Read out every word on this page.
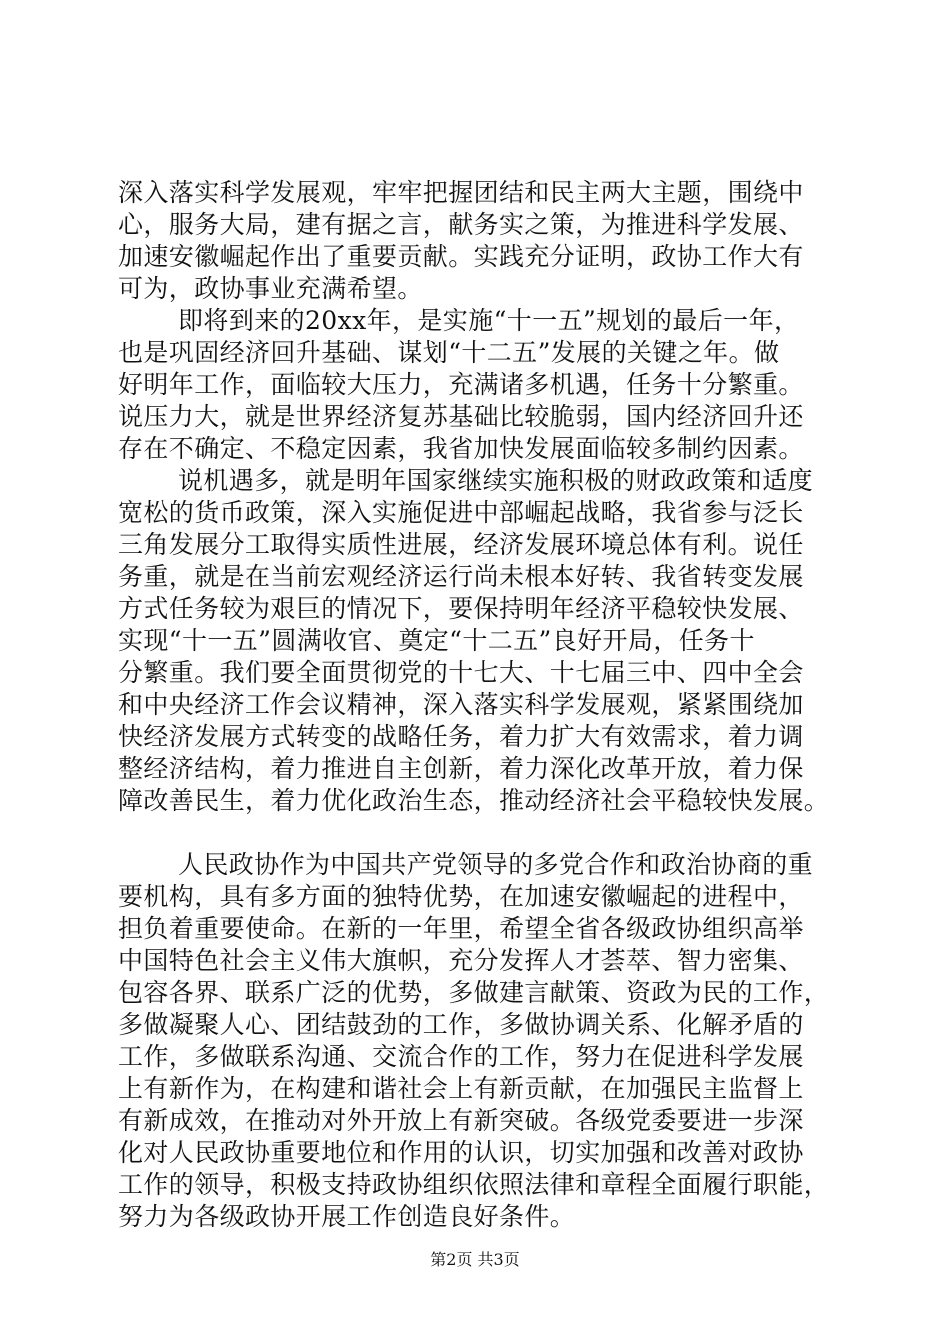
深入落实科学发展观，牢牢把握团结和民主两大主题，围绕中
心，服务大局，建有据之言，献务实之策，为推进科学发展、
加速安徽崛起作出了重要贡献。实践充分证明，政协工作大有
可为，政协事业充满希望。
即将到来的20xx年，是实施“十一五”规划的最后一年，
也是巩固经济回升基础、谋划“十二五”发展的关键之年。做
好明年工作，面临较大压力，充满诸多机遇，任务十分繁重。
说压力大，就是世界经济复苏基础比较脆弱，国内经济回升还
存在不确定、不稳定因素，我省加快发展面临较多制约因素。
说机遇多，就是明年国家继续实施积极的财政政策和适度
宽松的货币政策，深入实施促进中部崛起战略，我省参与泛长
三角发展分工取得实质性进展，经济发展环境总体有利。说任
务重，就是在当前宏观经济运行尚未根本好转、我省转变发展
方式任务较为艰巨的情况下，要保持明年经济平稳较快发展、
实现“十一五”圆满收官、奠定“十二五”良好开局，任务十
分繁重。我们要全面贯彻党的十七大、十七届三中、四中全会
和中央经济工作会议精神，深入落实科学发展观，紧紧围绕加
快经济发展方式转变的战略任务，着力扩大有效需求，着力调
整经济结构，着力推进自主创新，着力深化改革开放，着力保
障改善民生，着力优化政治生态，推动经济社会平稳较快发展。
人民政协作为中国共产党领导的多党合作和政治协商的重
要机构，具有多方面的独特优势，在加速安徽崛起的进程中，
担负着重要使命。在新的一年里，希望全省各级政协组织高举
中国特色社会主义伟大旗帜，充分发挥人才荟萃、智力密集、
包容各界、联系广泛的优势，多做建言献策、资政为民的工作，
多做凝聚人心、团结鼓劲的工作，多做协调关系、化解矛盾的
工作，多做联系沟通、交流合作的工作，努力在促进科学发展
上有新作为，在构建和谐社会上有新贡献，在加强民主监督上
有新成效，在推动对外开放上有新突破。各级党委要进一步深
化对人民政协重要地位和作用的认识，切实加强和改善对政协
工作的领导，积极支持政协组织依照法律和章程全面履行职能，
努力为各级政协开展工作创造良好条件。
第2页 共3页
